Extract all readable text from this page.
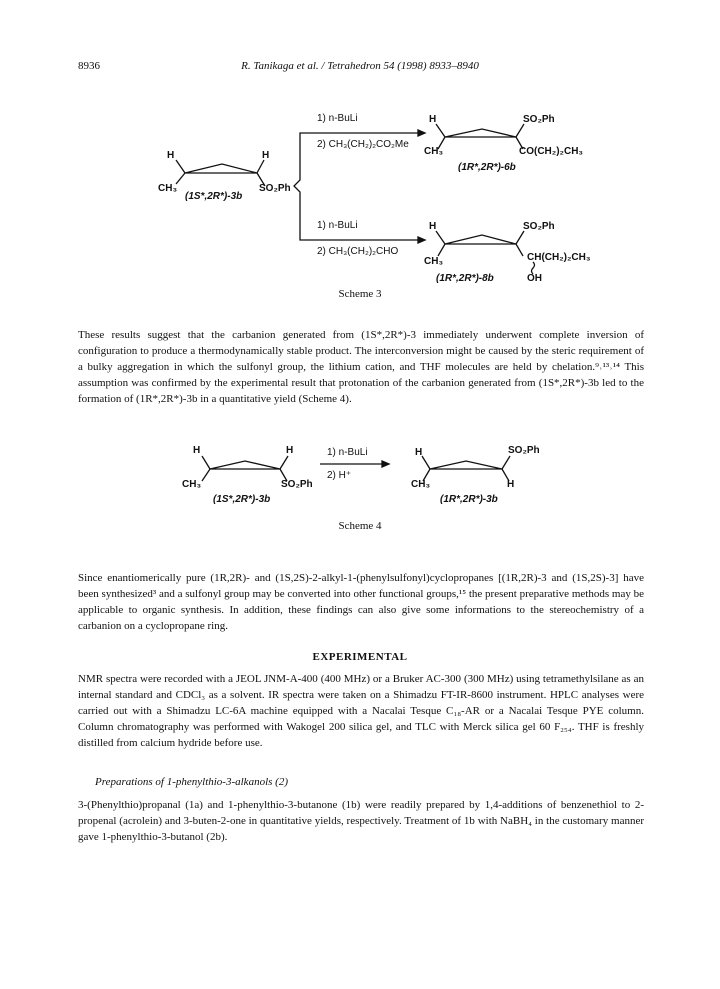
8936	R. Tanikaga et al. / Tetrahedron 54 (1998) 8933–8940
H	H
CH₃	SO₂Ph
(1S*,2R*)-3b
1) n-BuLi
2) CH₃(CH₂)₂CO₂Me
1) n-BuLi
2) CH₃(CH₂)₂CHO
H	SO₂Ph
CH₃	CO(CH₂)₂CH₃
(1R*,2R*)-6b
H	SO₂Ph
CH₃	CH(CH₂)₂CH₃
(1R*,2R*)-8b	OH
Scheme 3

These results suggest that the carbanion generated from (1S*,2R*)-3 immediately underwent complete inversion of configuration to produce a thermodynamically stable product. The interconversion might be caused by the steric requirement of a bulky aggregation in which the sulfonyl group, the lithium cation, and THF molecules are held by chelation.⁹˒¹³˒¹⁴ This assumption was confirmed by the experimental result that protonation of the carbanion generated from (1S*,2R*)-3b led to the formation of (1R*,2R*)-3b in a quantitative yield (Scheme 4).

H	H
CH₃	SO₂Ph
(1S*,2R*)-3b
1) n-BuLi
2) H⁺
H	SO₂Ph
CH₃	H
(1R*,2R*)-3b
Scheme 4

Since enantiomerically pure (1R,2R)- and (1S,2S)-2-alkyl-1-(phenylsulfonyl)cyclopropanes [(1R,2R)-3 and (1S,2S)-3] have been synthesized³ and a sulfonyl group may be converted into other functional groups,¹⁵ the present preparative methods may be applicable to organic synthesis. In addition, these findings can also give some informations to the stereochemistry of a carbanion on a cyclopropane ring.

EXPERIMENTAL

NMR spectra were recorded with a JEOL JNM-A-400 (400 MHz) or a Bruker AC-300 (300 MHz) using tetramethylsilane as an internal standard and CDCl₃ as a solvent. IR spectra were taken on a Shimadzu FT-IR-8600 instrument. HPLC analyses were carried out with a Shimadzu LC-6A machine equipped with a Nacalai Tesque C₁₈-AR or a Nacalai Tesque PYE column. Column chromatography was performed with Wakogel 200 silica gel, and TLC with Merck silica gel 60 F₂₅₄. THF is freshly distilled from calcium hydride before use.

Preparations of 1-phenylthio-3-alkanols (2)

3-(Phenylthio)propanal (1a) and 1-phenylthio-3-butanone (1b) were readily prepared by 1,4-additions of benzenethiol to 2-propenal (acrolein) and 3-buten-2-one in quantitative yields, respectively. Treatment of 1b with NaBH₄ in the customary manner gave 1-phenylthio-3-butanol (2b).
